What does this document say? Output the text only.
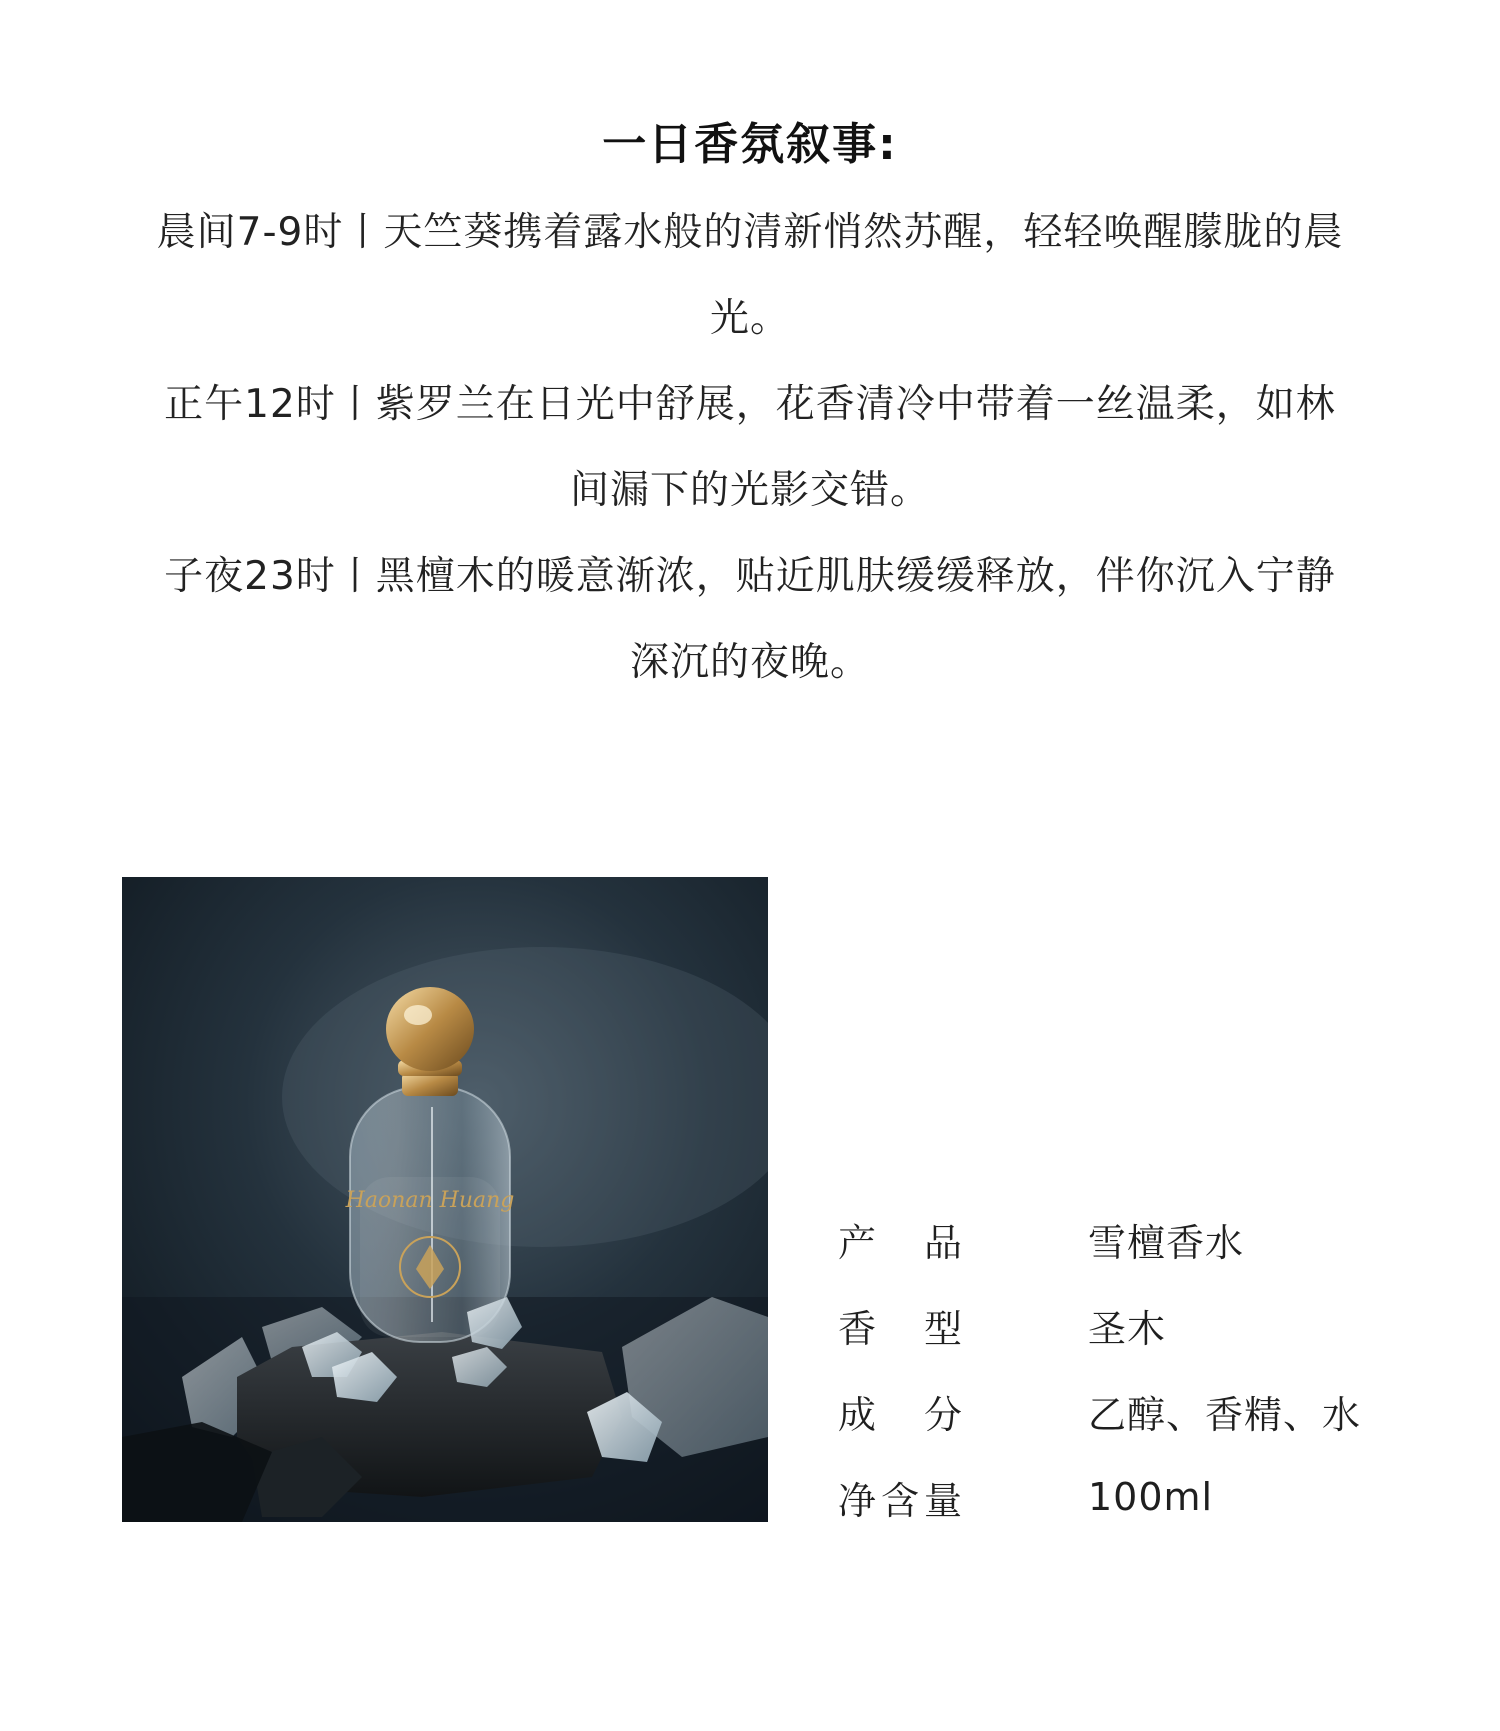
一日香氛叙事:

晨间7-9时丨天竺葵携着露水般的清新悄然苏醒，轻轻唤醒朦胧的晨
光。

正午12时丨紫罗兰在日光中舒展，花香清冷中带着一丝温柔，如林
间漏下的光影交错。

子夜23时丨黑檀木的暖意渐浓，贴近肌肤缓缓释放，伴你沉入宁静
深沉的夜晚。

Haonan Huang
产 品	雪檀香水
香 型	圣木
成 分	乙醇、香精、水
净 含 量	100ml
